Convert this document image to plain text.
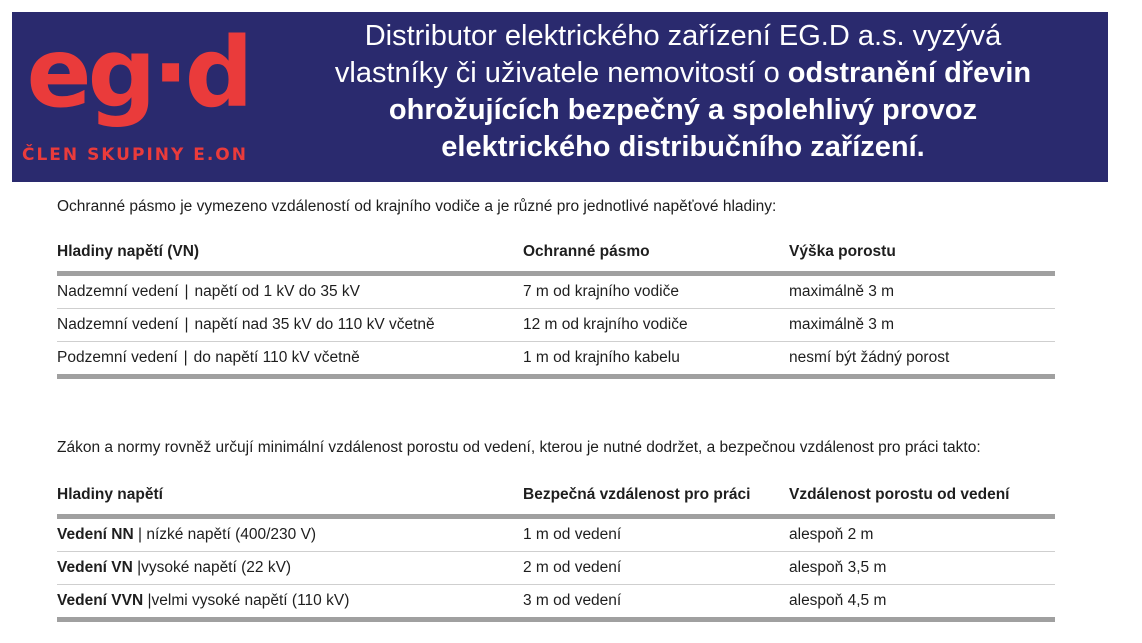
eg·d
ČLEN SKUPINY E.ON
Distributor elektrického zařízení EG.D a.s. vyzývá
vlastníky či uživatele nemovitostí o odstranění dřevin
ohrožujících bezpečný a spolehlivý provoz
elektrického distribučního zařízení.
Ochranné pásmo je vymezeno vzdáleností od krajního vodiče a je různé pro jednotlivé napěťové hladiny:
Hladiny napětí (VN)	Ochranné pásmo	Výška porostu
Nadzemní vedení | napětí od 1 kV do 35 kV	7 m od krajního vodiče	maximálně 3 m
Nadzemní vedení | napětí nad 35 kV do 110 kV včetně	12 m od krajního vodiče	maximálně 3 m
Podzemní vedení | do napětí 110 kV včetně	1 m od krajního kabelu	nesmí být žádný porost
Zákon a normy rovněž určují minimální vzdálenost porostu od vedení, kterou je nutné dodržet, a bezpečnou vzdálenost pro práci takto:
Hladiny napětí	Bezpečná vzdálenost pro práci	Vzdálenost porostu od vedení
Vedení NN | nízké napětí (400/230 V)	1 m od vedení	alespoň 2 m
Vedení VN |vysoké napětí (22 kV)	2 m od vedení	alespoň 3,5 m
Vedení VVN |velmi vysoké napětí (110 kV)	3 m od vedení	alespoň 4,5 m
